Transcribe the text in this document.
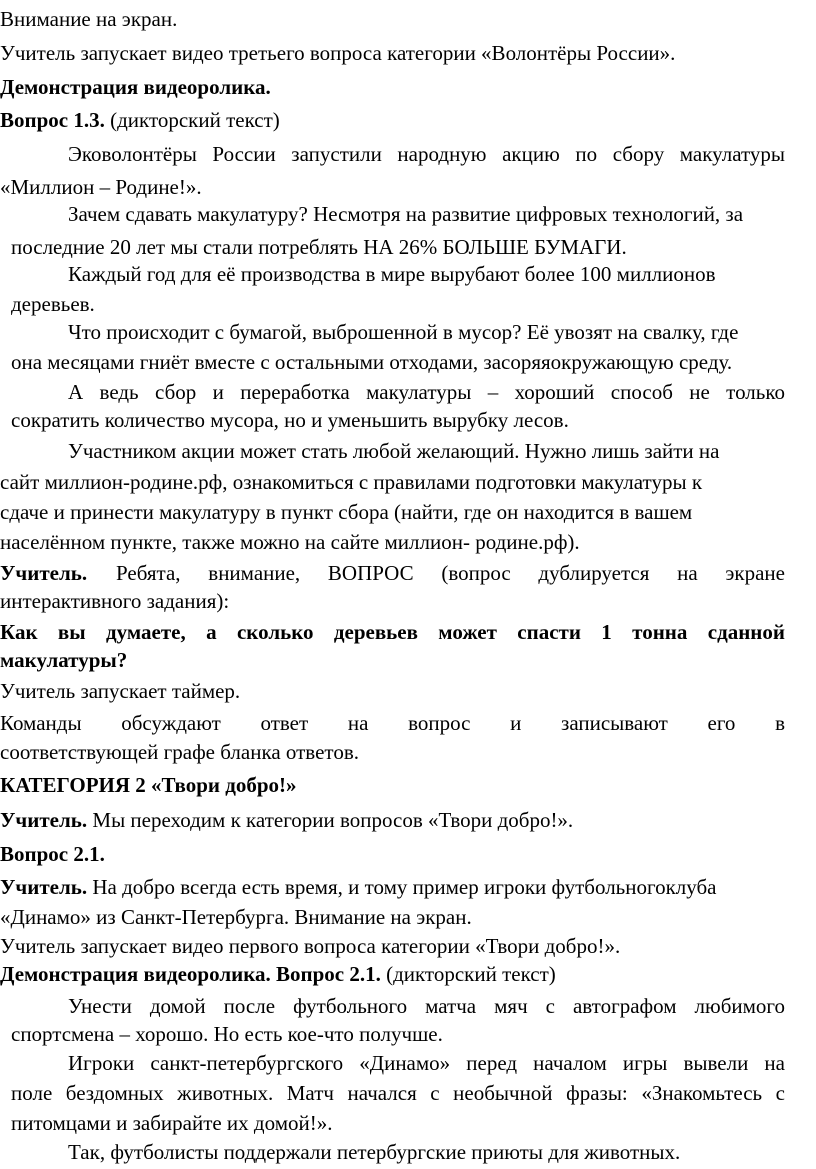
Внимание на экран.
Учитель запускает видео третьего вопроса категории «Волонтёры России».
Демонстрация видеоролика.
Вопрос 1.3. (дикторский текст)
Эковолонтёры России запустили народную акцию по сбору макулатуры
«Миллион – Родине!».
Зачем сдавать макулатуру? Несмотря на развитие цифровых технологий, за
последние 20 лет мы стали потреблять НА 26% БОЛЬШЕ БУМАГИ.
Каждый год для её производства в мире вырубают более 100 миллионов
деревьев.
Что происходит с бумагой, выброшенной в мусор? Её увозят на свалку, где
она месяцами гниёт вместе с остальными отходами, засоряяокружающую среду.
А ведь сбор и переработка макулатуры – хороший способ не только
сократить количество мусора, но и уменьшить вырубку лесов.
Участником акции может стать любой желающий. Нужно лишь зайти на
сайт миллион-родине.рф, ознакомиться с правилами подготовки макулатуры к
сдаче и принести макулатуру в пункт сбора (найти, где он находится в вашем
населённом пункте, также можно на сайте миллион- родине.рф).
Учитель. Ребята, внимание, ВОПРОС (вопрос дублируется на экране
интерактивного задания):
Как вы думаете, а сколько деревьев может спасти 1 тонна сданной
макулатуры?
Учитель запускает таймер.
Команды обсуждают ответ на вопрос и записывают его в
соответствующей графе бланка ответов.
КАТЕГОРИЯ 2 «Твори добро!»
Учитель. Мы переходим к категории вопросов «Твори добро!».
Вопрос 2.1.
Учитель. На добро всегда есть время, и тому пример игроки футбольногоклуба
«Динамо» из Санкт-Петербурга. Внимание на экран.
Учитель запускает видео первого вопроса категории «Твори добро!».
Демонстрация видеоролика. Вопрос 2.1. (дикторский текст)
Унести домой после футбольного матча мяч с автографом любимого
спортсмена – хорошо. Но есть кое-что получше.
Игроки санкт-петербургского «Динамо» перед началом игры вывели на
поле бездомных животных. Матч начался с необычной фразы: «Знакомьтесь с
питомцами и забирайте их домой!».
Так, футболисты поддержали петербургские приюты для животных.
